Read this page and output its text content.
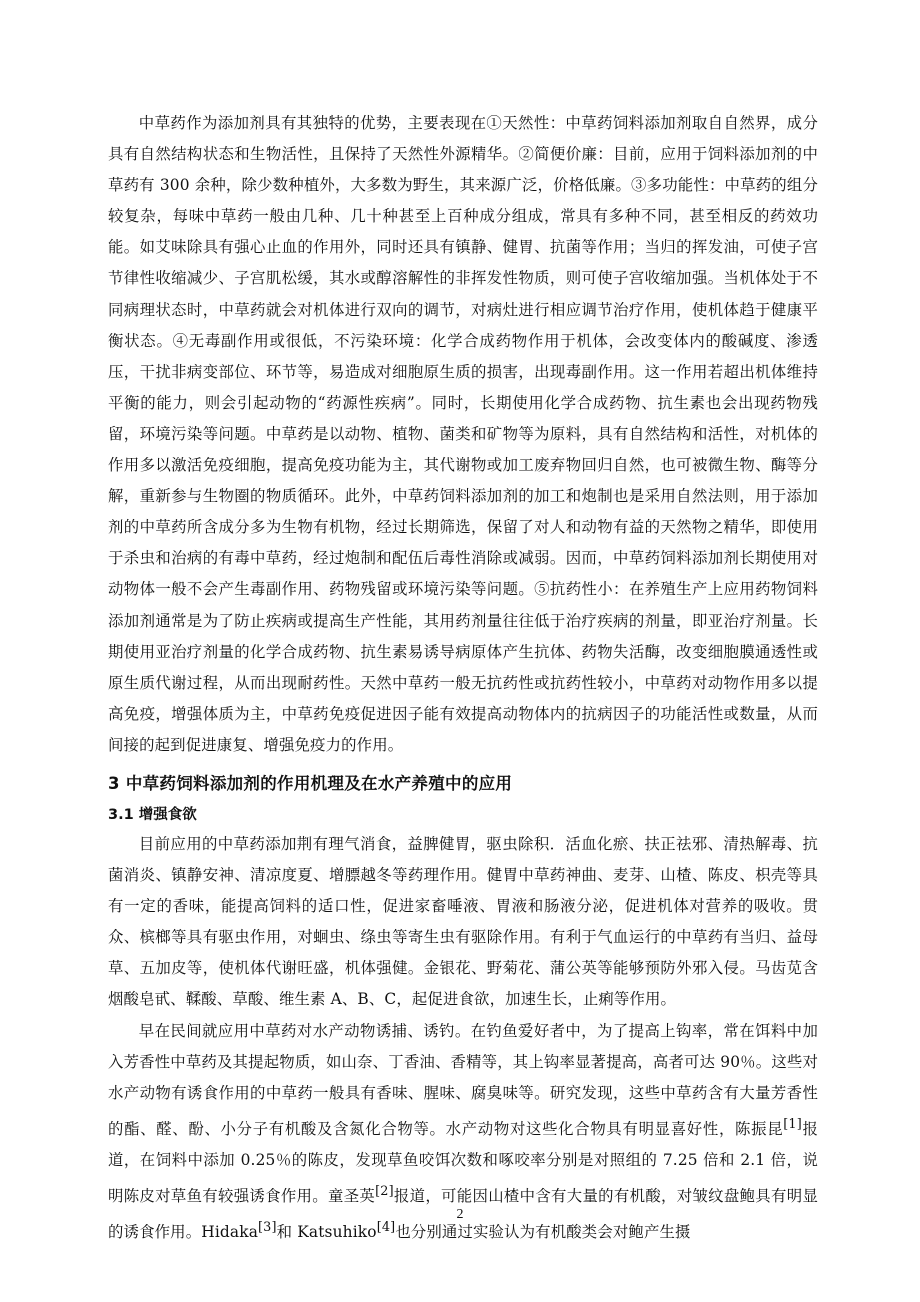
中草药作为添加剂具有其独特的优势，主要表现在①天然性：中草药饲料添加剂取自自然界，成分具有自然结构状态和生物活性，且保持了天然性外源精华。②简便价廉：目前，应用于饲料添加剂的中草药有 300 余种，除少数种植外，大多数为野生，其来源广泛，价格低廉。③多功能性：中草药的组分较复杂，每味中草药一般由几种、几十种甚至上百种成分组成，常具有多种不同，甚至相反的药效功能。如艾味除具有强心止血的作用外，同时还具有镇静、健胃、抗菌等作用；当归的挥发油，可使子宫节律性收缩减少、子宫肌松缓，其水或醇溶解性的非挥发性物质，则可使子宫收缩加强。当机体处于不同病理状态时，中草药就会对机体进行双向的调节，对病灶进行相应调节治疗作用，使机体趋于健康平衡状态。④无毒副作用或很低，不污染环境：化学合成药物作用于机体，会改变体内的酸碱度、渗透压，干扰非病变部位、环节等，易造成对细胞原生质的损害，出现毒副作用。这一作用若超出机体维持平衡的能力，则会引起动物的“药源性疾病”。同时，长期使用化学合成药物、抗生素也会出现药物残留，环境污染等问题。中草药是以动物、植物、菌类和矿物等为原料，具有自然结构和活性，对机体的作用多以激活免疫细胞，提高免疫功能为主，其代谢物或加工废弃物回归自然，也可被微生物、酶等分解，重新参与生物圈的物质循环。此外，中草药饲料添加剂的加工和炮制也是采用自然法则，用于添加剂的中草药所含成分多为生物有机物，经过长期筛选，保留了对人和动物有益的天然物之精华，即使用于杀虫和治病的有毒中草药，经过炮制和配伍后毒性消除或减弱。因而，中草药饲料添加剂长期使用对动物体一般不会产生毒副作用、药物残留或环境污染等问题。⑤抗药性小：在养殖生产上应用药物饲料添加剂通常是为了防止疾病或提高生产性能，其用药剂量往往低于治疗疾病的剂量，即亚治疗剂量。长期使用亚治疗剂量的化学合成药物、抗生素易诱导病原体产生抗体、药物失活酶，改变细胞膜通透性或原生质代谢过程，从而出现耐药性。天然中草药一般无抗药性或抗药性较小，中草药对动物作用多以提高免疫，增强体质为主，中草药免疫促进因子能有效提高动物体内的抗病因子的功能活性或数量，从而间接的起到促进康复、增强免疫力的作用。

3 中草药饲料添加剂的作用机理及在水产养殖中的应用
3.1 增强食欲

目前应用的中草药添加荆有理气消食，益脾健胃，驱虫除积．活血化瘀、扶正祛邪、清热解毒、抗菌消炎、镇静安神、清凉度夏、增膘越冬等药理作用。健胃中草药神曲、麦芽、山楂、陈皮、枳壳等具有一定的香味，能提高饲料的适口性，促进家畜唾液、胃液和肠液分泌，促进机体对营养的吸收。贯众、槟榔等具有驱虫作用，对蛔虫、绦虫等寄生虫有驱除作用。有利于气血运行的中草药有当归、益母草、五加皮等，使机体代谢旺盛，机体强健。金银花、野菊花、蒲公英等能够预防外邪入侵。马齿苋含烟酸皂甙、鞣酸、草酸、维生素 A、B、C，起促进食欲，加速生长，止痢等作用。

早在民间就应用中草药对水产动物诱捕、诱钓。在钓鱼爱好者中，为了提高上钩率，常在饵料中加入芳香性中草药及其提起物质，如山奈、丁香油、香精等，其上钩率显著提高，高者可达 90％。这些对水产动物有诱食作用的中草药一般具有香味、腥味、腐臭味等。研究发现，这些中草药含有大量芳香性的酯、醛、酚、小分子有机酸及含氮化合物等。水产动物对这些化合物具有明显喜好性，陈振昆[1]报道，在饲料中添加 0.25％的陈皮，发现草鱼咬饵次数和啄咬率分别是对照组的 7.25 倍和 2.1 倍，说明陈皮对草鱼有较强诱食作用。童圣英[2]报道，可能因山楂中含有大量的有机酸，对皱纹盘鲍具有明显的诱食作用。Hidaka[3]和 Katsuhiko[4]也分别通过实验认为有机酸类会对鲍产生摄

2
